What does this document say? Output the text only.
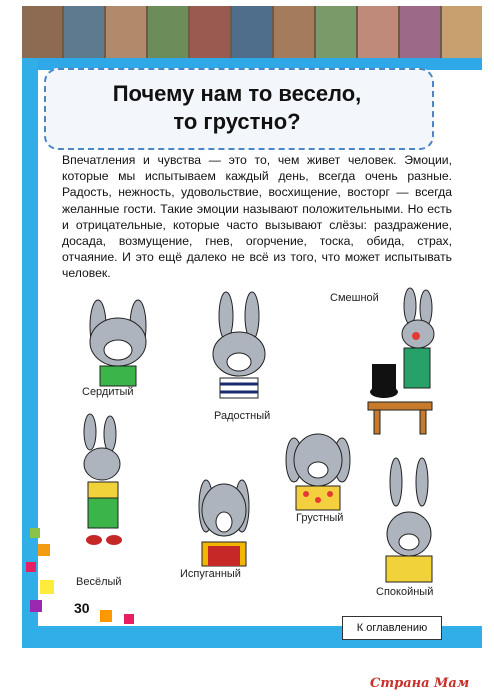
Почему нам то весело,
то грустно?
Впечатления и чувства — это то, чем живет человек. Эмоции, которые мы испытываем каждый день, всегда очень разные. Радость, нежность, удовольствие, восхищение, восторг — всегда желанные гости. Такие эмоции называют положительными. Но есть и отрицательные, которые часто вызывают слёзы: раздражение, досада, возмущение, гнев, огорчение, тоска, обида, страх, отчаяние. И это ещё далеко не всё из того, что может испытывать человек.
Сердитый
Радостный
Смешной
Весёлый
Испуганный
Грустный
Спокойный
30
К оглавлению
Страна Мам
